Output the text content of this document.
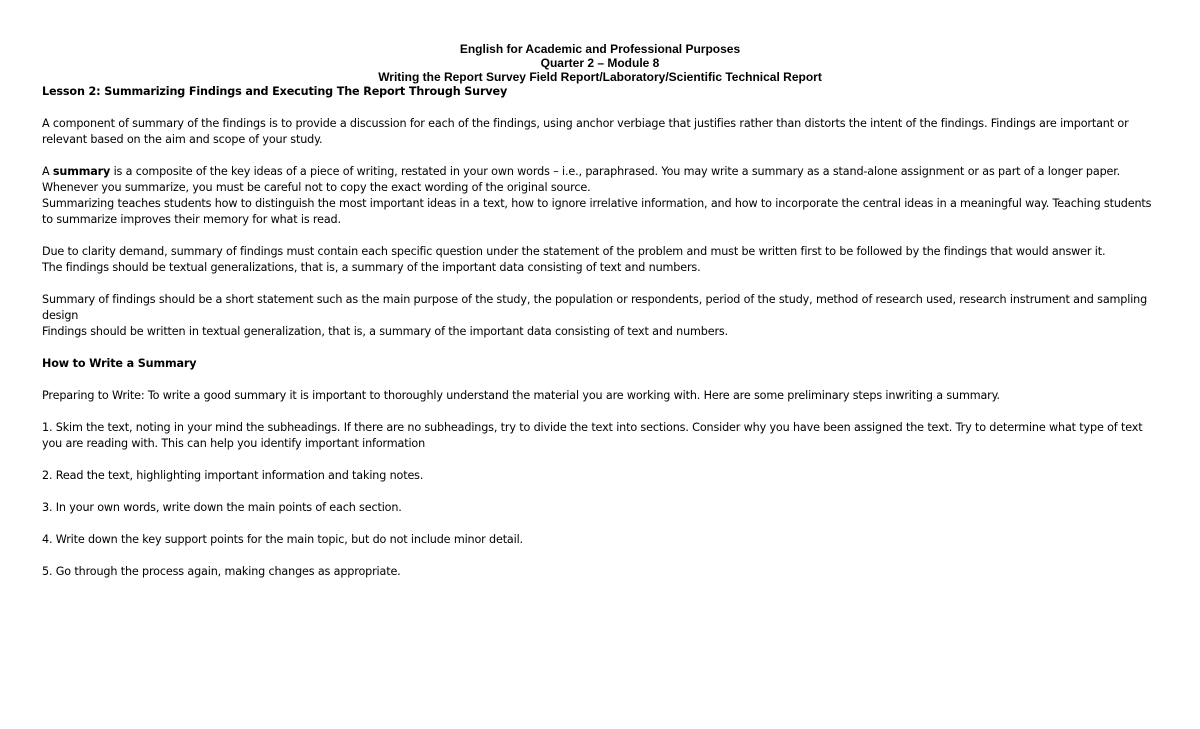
English for Academic and Professional Purposes
Quarter 2 – Module 8
Writing the Report Survey Field Report/Laboratory/Scientific Technical Report

Lesson 2: Summarizing Findings and Executing The Report Through Survey

A component of summary of the findings is to provide a discussion for each of the findings, using anchor verbiage that justifies rather than distorts the intent of the findings. Findings are important or relevant based on the aim and scope of your study.

A summary is a composite of the key ideas of a piece of writing, restated in your own words – i.e., paraphrased. You may write a summary as a stand-alone assignment or as part of a longer paper. Whenever you summarize, you must be careful not to copy the exact wording of the original source.

Summarizing teaches students how to distinguish the most important ideas in a text, how to ignore irrelative information, and how to incorporate the central ideas in a meaningful way. Teaching students to summarize improves their memory for what is read.

Due to clarity demand, summary of findings must contain each specific question under the statement of the problem and must be written first to be followed by the findings that would answer it.

The findings should be textual generalizations, that is, a summary of the important data consisting of text and numbers.

Summary of findings should be a short statement such as the main purpose of the study, the population or respondents, period of the study, method of research used, research instrument and sampling design

Findings should be written in textual generalization, that is, a summary of the important data consisting of text and numbers.

How to Write a Summary

Preparing to Write: To write a good summary it is important to thoroughly understand the material you are working with. Here are some preliminary steps inwriting a summary.

1. Skim the text, noting in your mind the subheadings. If there are no subheadings, try to divide the text into sections. Consider why you have been assigned the text. Try to determine what type of text you are reading with. This can help you identify important information

2. Read the text, highlighting important information and taking notes.

3. In your own words, write down the main points of each section.

4. Write down the key support points for the main topic, but do not include minor detail.

5. Go through the process again, making changes as appropriate.
